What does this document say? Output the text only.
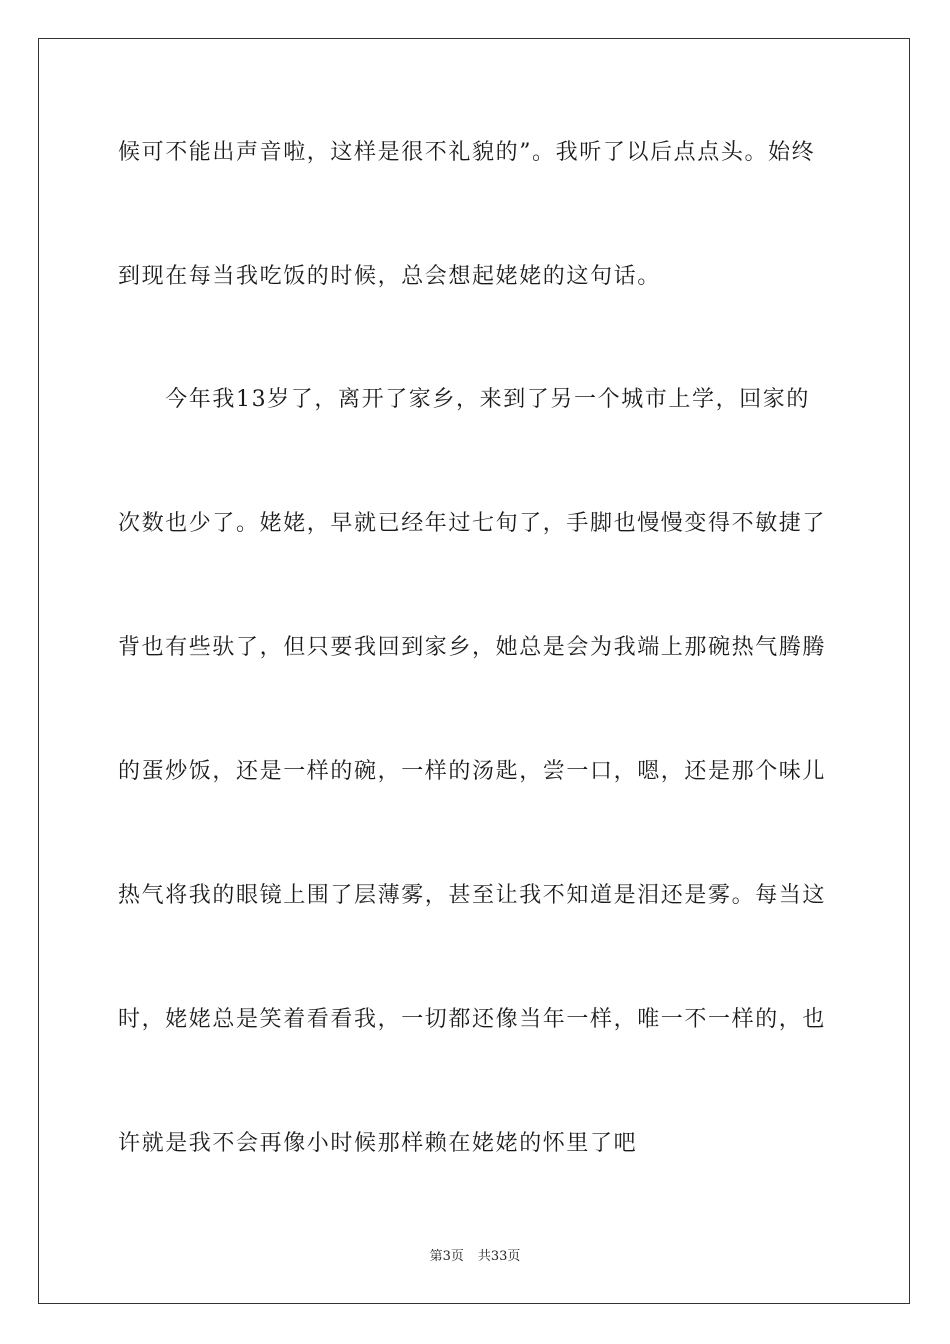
候可不能出声音啦，这样是很不礼貌的”。我听了以后点点头。始终
到现在每当我吃饭的时候，总会想起姥姥的这句话。
　　今年我13岁了，离开了家乡，来到了另一个城市上学，回家的
次数也少了。姥姥，早就已经年过七旬了，手脚也慢慢变得不敏捷了
背也有些驮了，但只要我回到家乡，她总是会为我端上那碗热气腾腾
的蛋炒饭，还是一样的碗，一样的汤匙，尝一口，嗯，还是那个味儿
热气将我的眼镜上围了层薄雾，甚至让我不知道是泪还是雾。每当这
时，姥姥总是笑着看看我，一切都还像当年一样，唯一不一样的，也
许就是我不会再像小时候那样赖在姥姥的怀里了吧
第3页 共33页
